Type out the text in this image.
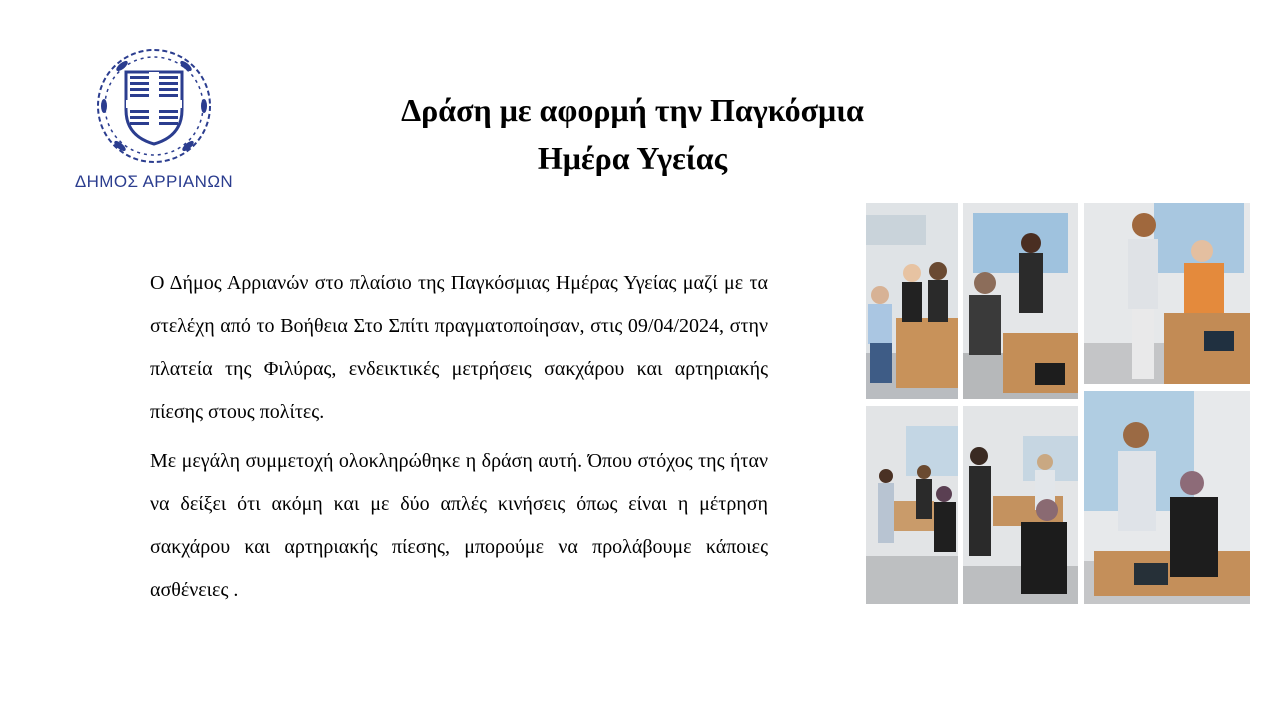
ΔΗΜΟΣ ΑΡΡΙΑΝΩΝ
Δράση με αφορμή την Παγκόσμια
Ημέρα Υγείας

Ο Δήμος Αρριανών στο πλαίσιο της Παγκόσμιας Ημέρας Υγείας μαζί με τα στελέχη από το Βοήθεια Στο Σπίτι πραγματοποίησαν, στις 09/04/2024, στην πλατεία της Φιλύρας, ενδεικτικές μετρήσεις σακχάρου και αρτηριακής πίεσης στους πολίτες.

Με μεγάλη συμμετοχή ολοκληρώθηκε η δράση αυτή. Όπου στόχος της ήταν να δείξει ότι ακόμη και με δύο απλές κινήσεις όπως είναι η μέτρηση σακχάρου και αρτηριακής πίεσης, μπορούμε να προλάβουμε κάποιες ασθένειες .
